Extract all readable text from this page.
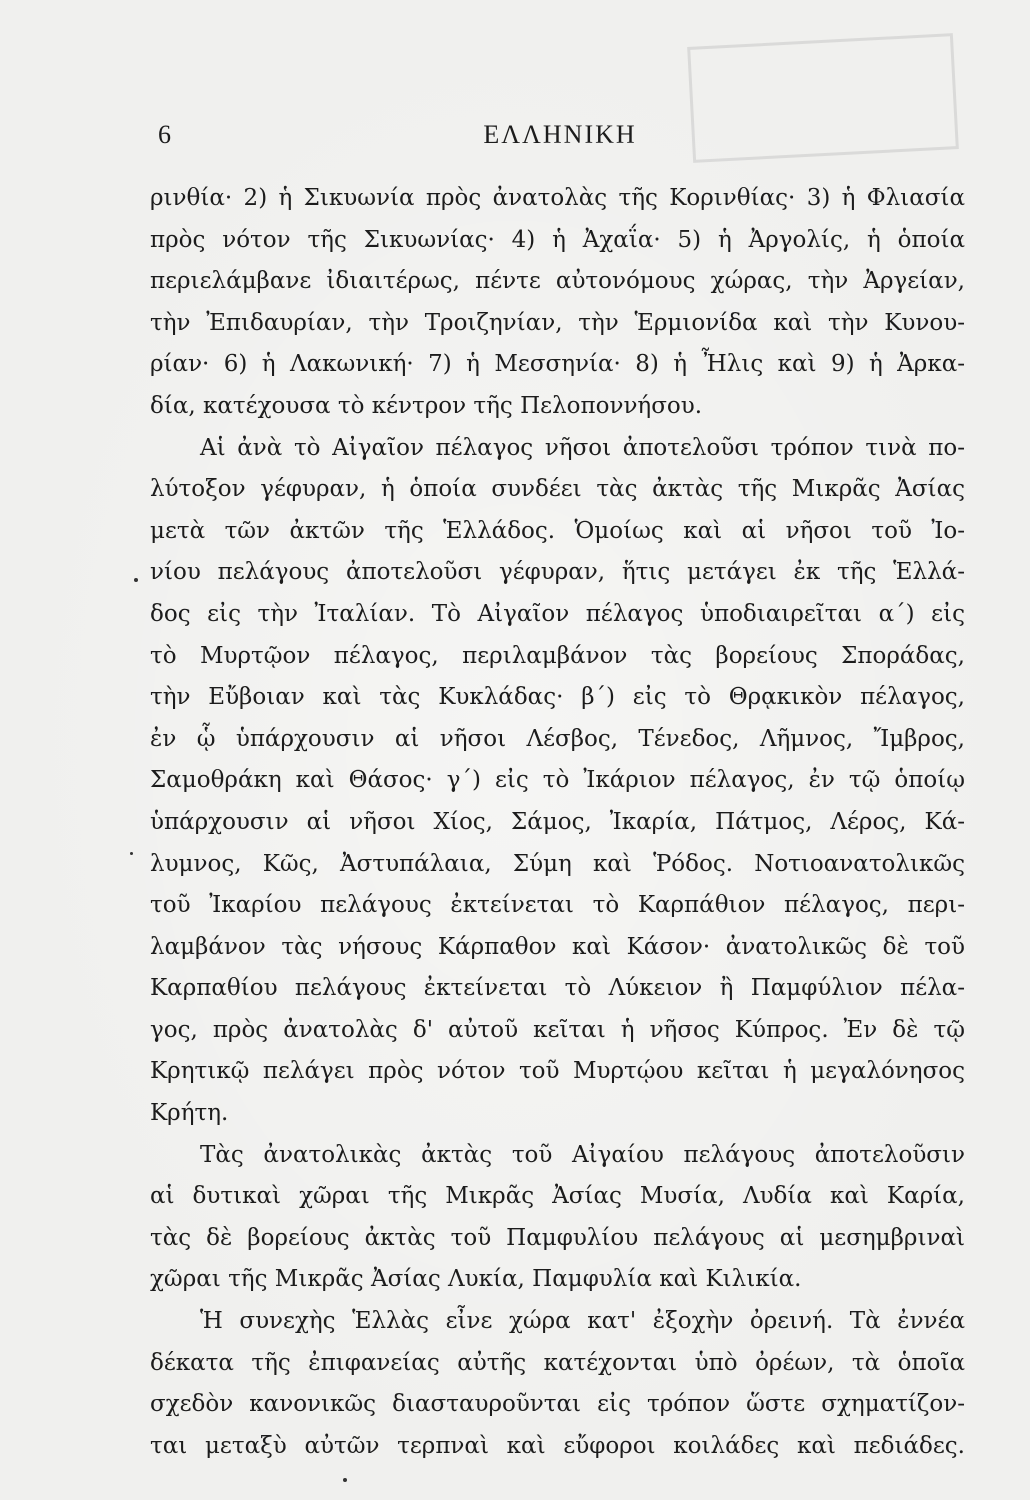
6	ΕΛΛΗΝΙΚΗ
ρινθία· 2) ἡ Σικυωνία πρὸς ἀνατολὰς τῆς Κορινθίας· 3) ἡ Φλιασία
πρὸς νότον τῆς Σικυωνίας· 4) ἡ Ἀχαΐα· 5) ἡ Ἀργολίς, ἡ ὁποία
περιελάμβανε ἰδιαιτέρως, πέντε αὐτονόμους χώρας, τὴν Ἀργείαν,
τὴν Ἐπιδαυρίαν, τὴν Τροιζηνίαν, τὴν Ἑρμιονίδα καὶ τὴν Κυνου-
ρίαν· 6) ἡ Λακωνική· 7) ἡ Μεσσηνία· 8) ἡ Ἦλις καὶ 9) ἡ Ἀρκα-
δία, κατέχουσα τὸ κέντρον τῆς Πελοποννήσου.
Αἱ ἀνὰ τὸ Αἰγαῖον πέλαγος νῆσοι ἀποτελοῦσι τρόπον τινὰ πο-
λύτοξον γέφυραν, ἡ ὁποία συνδέει τὰς ἀκτὰς τῆς Μικρᾶς Ἀσίας
μετὰ τῶν ἀκτῶν τῆς Ἑλλάδος. Ὁμοίως καὶ αἱ νῆσοι τοῦ Ἰο-
νίου πελάγους ἀποτελοῦσι γέφυραν, ἥτις μετάγει ἐκ τῆς Ἑλλά-
δος εἰς τὴν Ἰταλίαν. Τὸ Αἰγαῖον πέλαγος ὑποδιαιρεῖται α΄) εἰς
τὸ Μυρτῷον πέλαγος, περιλαμβάνον τὰς βορείους Σποράδας,
τὴν Εὔβοιαν καὶ τὰς Κυκλάδας· β΄) εἰς τὸ Θρᾳκικὸν πέλαγος,
ἐν ᾧ ὑπάρχουσιν αἱ νῆσοι Λέσβος, Τένεδος, Λῆμνος, Ἴμβρος,
Σαμοθράκη καὶ Θάσος· γ΄) εἰς τὸ Ἰκάριον πέλαγος, ἐν τῷ ὁποίῳ
ὑπάρχουσιν αἱ νῆσοι Χίος, Σάμος, Ἰκαρία, Πάτμος, Λέρος, Κά-
λυμνος, Κῶς, Ἀστυπάλαια, Σύμη καὶ Ῥόδος. Νοτιοανατολικῶς
τοῦ Ἰκαρίου πελάγους ἐκτείνεται τὸ Καρπάθιον πέλαγος, περι-
λαμβάνον τὰς νήσους Κάρπαθον καὶ Κάσον· ἀνατολικῶς δὲ τοῦ
Καρπαθίου πελάγους ἐκτείνεται τὸ Λύκειον ἢ Παμφύλιον πέλα-
γος, πρὸς ἀνατολὰς δ' αὐτοῦ κεῖται ἡ νῆσος Κύπρος. Ἐν δὲ τῷ
Κρητικῷ πελάγει πρὸς νότον τοῦ Μυρτῴου κεῖται ἡ μεγαλόνησος
Κρήτη.
Τὰς ἀνατολικὰς ἀκτὰς τοῦ Αἰγαίου πελάγους ἀποτελοῦσιν
αἱ δυτικαὶ χῶραι τῆς Μικρᾶς Ἀσίας Μυσία, Λυδία καὶ Καρία,
τὰς δὲ βορείους ἀκτὰς τοῦ Παμφυλίου πελάγους αἱ μεσημβριναὶ
χῶραι τῆς Μικρᾶς Ἀσίας Λυκία, Παμφυλία καὶ Κιλικία.
Ἡ συνεχὴς Ἑλλὰς εἶνε χώρα κατ' ἐξοχὴν ὀρεινή. Τὰ ἐννέα
δέκατα τῆς ἐπιφανείας αὐτῆς κατέχονται ὑπὸ ὀρέων, τὰ ὁποῖα
σχεδὸν κανονικῶς διασταυροῦνται εἰς τρόπον ὥστε σχηματίζον-
ται μεταξὺ αὐτῶν τερπναὶ καὶ εὔφοροι κοιλάδες καὶ πεδιάδες.
